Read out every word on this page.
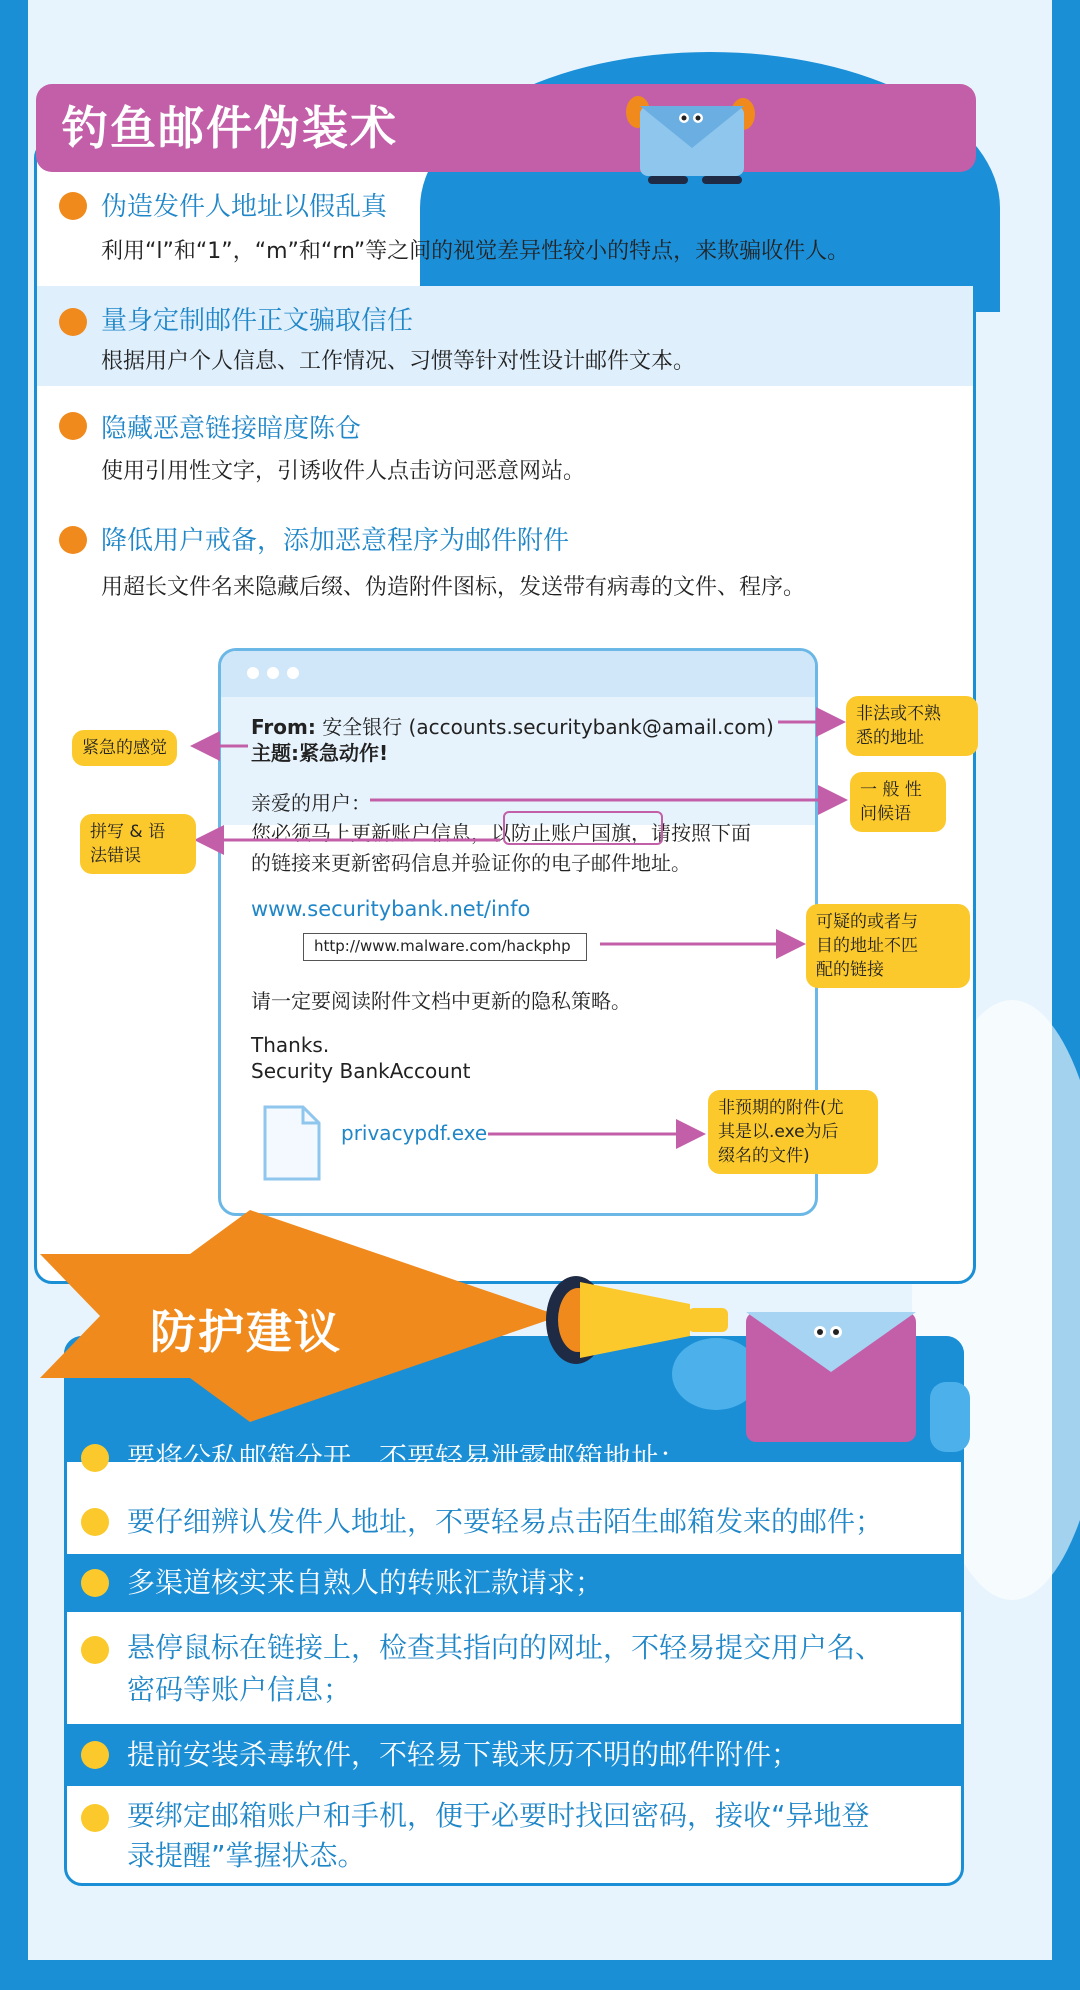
钓鱼邮件伪装术
伪造发件人地址以假乱真
利用“l”和“1”，“m”和“rn”等之间的视觉差异性较小的特点，来欺骗收件人。
量身定制邮件正文骗取信任
根据用户个人信息、工作情况、习惯等针对性设计邮件文本。
隐藏恶意链接暗度陈仓
使用引用性文字，引诱收件人点击访问恶意网站。
降低用户戒备，添加恶意程序为邮件附件
用超长文件名来隐藏后缀、伪造附件图标，发送带有病毒的文件、程序。
From: 安全银行 (accounts.securitybank@amail.com)
主题:紧急动作!
亲爱的用户：
您必须马上更新账户信息，以防止账户国旗，请按照下面
的链接来更新密码信息并验证你的电子邮件地址。
www.securitybank.net/info
http://www.malware.com/hackphp
请一定要阅读附件文档中更新的隐私策略。
Thanks.
Security BankAccount
privacypdf.exe
紧急的感觉
非法或不熟
悉的地址
一 般 性
问候语
拼写 & 语
法错误
可疑的或者与
目的地址不匹
配的链接
非预期的附件(尤
其是以.exe为后
缀名的文件)
防护建议
要将公私邮箱分开，不要轻易泄露邮箱地址；
要仔细辨认发件人地址，不要轻易点击陌生邮箱发来的邮件；
多渠道核实来自熟人的转账汇款请求；
悬停鼠标在链接上，检查其指向的网址，不轻易提交用户名、
密码等账户信息；
提前安装杀毒软件，不轻易下载来历不明的邮件附件；
要绑定邮箱账户和手机，便于必要时找回密码，接收“异地登
录提醒”掌握状态。
